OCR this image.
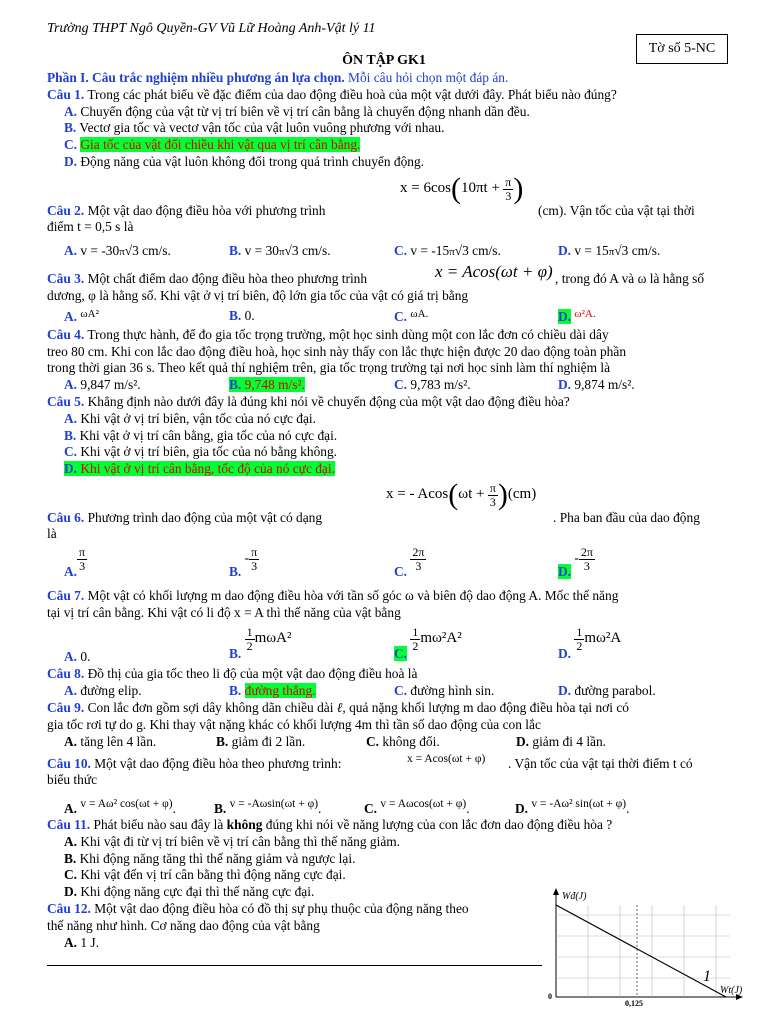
Trường THPT Ngô Quyền-GV Vũ Lữ Hoàng Anh-Vật lý 11
Tờ số 5-NC
ÔN TẬP GK1
Phần I. Câu trắc nghiệm nhiều phương án lựa chọn. Mỗi câu hỏi chọn một đáp án.
Câu 1. Trong các phát biểu về đặc điểm của dao động điều hoà của một vật dưới đây. Phát biểu nào đúng?
A. Chuyển động của vật từ vị trí biên về vị trí cân bằng là chuyển động nhanh dần đều.
B. Vectơ gia tốc và vectơ vận tốc của vật luôn vuông phương với nhau.
C. Gia tốc của vật đổi chiều khi vật qua vị trí cân bằng.
D. Động năng của vật luôn không đổi trong quá trình chuyển động.
$x = 6\cos(10\pi t + \frac{\pi}{3}$ )
Câu 2. Một vật dao động điều hòa với phương trình	(cm). Vận tốc của vật tại thời
điểm t = 0,5 s là
A. v = -30π√3 cm/s.	B. v = 30π√3 cm/s.	C. v = -15π√3 cm/s.	D. v = 15π√3 cm/s.
Câu 3. Một chất điểm dao động điều hòa theo phương trình	x = Acos(ωt + φ) , trong đó A và ω là hằng số
dương, φ là hằng số. Khi vật ở vị trí biên, độ lớn gia tốc của vật có giá trị bằng
A. $^{\omega A^2}$	B. 0.	C. $^{\omega A.}$	D. $^{\omega^2A.}$
Câu 4. Trong thực hành, để đo gia tốc trọng trường, một học sinh dùng một con lắc đơn có chiều dài dây
treo 80 cm. Khi con lắc dao động điều hoà, học sinh này thấy con lắc thực hiện được 20 dao động toàn phần
trong thời gian 36 s. Theo kết quả thí nghiệm trên, gia tốc trọng trường tại nơi học sinh làm thí nghiệm là
A. 9,847 m/s².	B. 9,748 m/s².	C. 9,783 m/s².	D. 9,874 m/s².
Câu 5. Khẳng định nào dưới đây là đúng khi nói về chuyển động của một vật dao động điều hòa?
A. Khi vật ở vị trí biên, vận tốc của nó cực đại.
B. Khi vật ở vị trí cân bằng, gia tốc của nó cực đại.
C. Khi vật ở vị trí biên, gia tốc của nó bằng không.
D. Khi vật ở vị trí cân bằng, tốc độ của nó cực đại.
x = - $Acos(\omega t + \frac{\pi}{3} )(cm)$
Câu 6. Phương trình dao động của một vật có dạng	. Pha ban đầu của dao động
là
A. $\frac{\pi}{3}$	B. - $\frac{\pi}{3}$	C. $\frac{2\pi}{3}$	D. - $\frac{2\pi}{3}$
Câu 7. Một vật có khối lượng m dao động điều hòa với tần số góc ω và biên độ dao động A. Mốc thế năng
tại vị trí cân bằng. Khi vật có li độ x = A thì thế năng của vật bằng
A. 0.	B.
$\frac{1}{2} m\omega A^2$
C.
$\frac{1}{2} m\omega^2A^2$
D.
$\frac{1}{2} m\omega^2A$
Câu 8. Đồ thị của gia tốc theo li độ của một vật dao động điều hoà là
A. đường elip.	B. đường thẳng.	C. đường hình sin.	D. đường parabol.
Câu 9. Con lắc đơn gồm sợi dây không dãn chiều dài ℓ, quả nặng khối lượng m dao động điều hòa tại nơi có
gia tốc rơi tự do g. Khi thay vật nặng khác có khối lượng 4m thì tần số dao động của con lắc
A. tăng lên 4 lần.	B. giảm đi 2 lần.	C. không đổi.	D. giảm đi 4 lần.
Câu 10. Một vật dao động điều hòa theo phương trình:	x = Acos(ωt + φ) . Vận tốc của vật tại thời điểm t có
biểu thức
A. v = Aω² cos(ωt + φ).	B. v = -Aωsin(ωt + φ).	C. v = Aωcos(ωt + φ).	D. v = -Aω² sin(ωt + φ).
Câu 11. Phát biểu nào sau đây là không đúng khi nói về năng lượng của con lắc đơn dao động điều hòa ?
A. Khi vật đi từ vị trí biên về vị trí cân bằng thì thế năng giảm.
B. Khi động năng tăng thì thế năng giảm và ngược lại.
C. Khi vật đến vị trí cân bằng thì động năng cực đại.
D. Khi động năng cực đại thì thế năng cực đại.
Câu 12. Một vật dao động điều hòa có đồ thị sự phụ thuộc của động năng theo
thế năng như hình. Cơ năng dao động của vật bằng
A. 1 J.
Wđ(J)
Wt(J)
0
0,125
1
